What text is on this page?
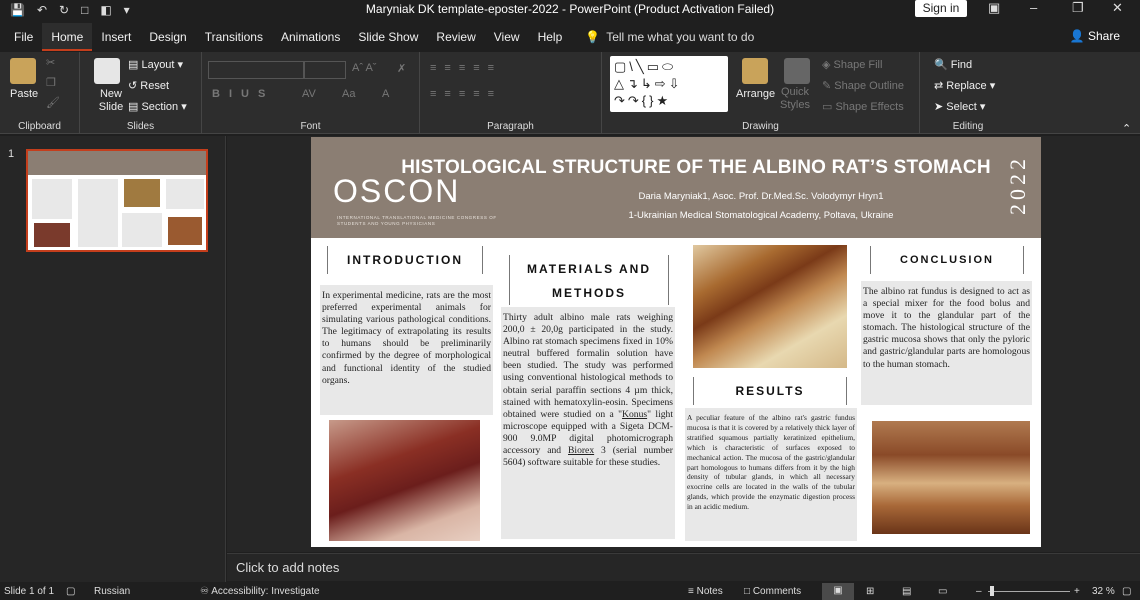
💾 ↶ ↻ □ ◧ ▾	Maryniak DK template-eposter-2022 - PowerPoint (Product Activation Failed)	Sign in	▣ –	❐ ✕
File	Home	Insert	Design	Transitions	Animations	Slide Show	Review	View	Help	💡 Tell me what you want to do	👤 Share
Paste
✂
❐
🖌
Clipboard
New Slide
▤ Layout ▾
↺ Reset
▤ Section ▾
Slides
Aˆ Aˇ ✗
BIUS	AV Aa A
Font
≡≡≡≡≡
≡≡≡≡≡
Paragraph
▢\╲▭⬭
△↴↳⇨⇩
↷↷{}★	Arrange Quick Styles
◈ Shape Fill
✎ Shape Outline
▭ Shape Effects
Drawing
🔍 Find
⇄ Replace ▾
➤ Select ▾
Editing	⌃
1
OSCON
INTERNATIONAL TRANSLATIONAL MEDICINE CONGRESS OF STUDENTS AND YOUNG PHYSICIANS
HISTOLOGICAL STRUCTURE OF THE ALBINO RAT’S STOMACH
Daria Maryniak1, Asoc. Prof. Dr.Med.Sc. Volodymyr Hryn1
1-Ukrainian Medical Stomatological Academy, Poltava, Ukraine
2022
INTRODUCTION
In experimental medicine, rats are the most preferred experimental animals for simulating various pathological conditions. The legitimacy of extrapolating its results to humans should be preliminarily confirmed by the degree of morphological and functional identity of the studied organs.
MATERIALS AND METHODS
Thirty adult albino male rats weighing 200,0 ± 20,0g participated in the study. Albino rat stomach specimens fixed in 10% neutral buffered formalin solution have been studied. The study was performed using conventional histological methods to obtain serial paraffin sections 4 µm thick, stained with hematoxylin-eosin. Specimens obtained were studied on a "Konus" light microscope equipped with a Sigeta DCM-900 9.0MP digital photomicrograph accessory and Biorex 3 (serial number 5604) software suitable for these studies.
RESULTS
A peculiar feature of the albino rat's gastric fundus mucosa is that it is covered by a relatively thick layer of stratified squamous partially keratinized epithelium, which is characteristic of surfaces exposed to mechanical action. The mucosa of the gastric/glandular part homologous to humans differs from it by the high density of tubular glands, in which all necessary exocrine cells are located in the walls of the tubular glands, which provide the enzymatic digestion process in an acidic medium.
CONCLUSION
The albino rat fundus is designed to act as a special mixer for the food bolus and move it to the glandular part of the stomach. The histological structure of the gastric mucosa shows that only the pyloric and gastric/glandular parts are homologous to the human stomach.
Click to add notes
Slide 1 of 1 ▢ Russian	♾ Accessibility: Investigate	≡ Notes □ Comments	▣	⊞	▤	▭	–	+ 32 % ▢
